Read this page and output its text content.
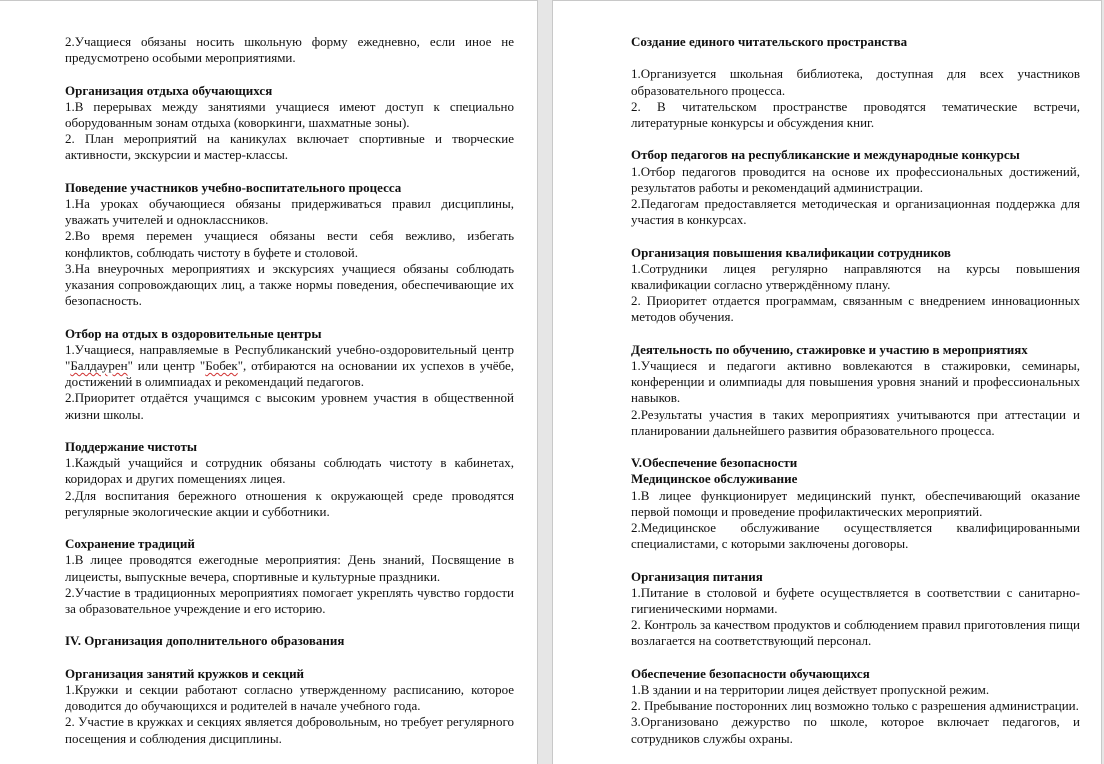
2.Учащиеся обязаны носить школьную форму ежедневно, если иное не предусмотрено особыми мероприятиями.

Организация отдыха обучающихся

1.В перерывах между занятиями учащиеся имеют доступ к специально оборудованным зонам отдыха (коворкинги, шахматные зоны).

2. План мероприятий на каникулах включает спортивные и творческие активности, экскурсии и мастер-классы.

Поведение участников учебно-воспитательного процесса

1.На уроках обучающиеся обязаны придерживаться правил дисциплины, уважать учителей и одноклассников.

2.Во время перемен учащиеся обязаны вести себя вежливо, избегать конфликтов, соблюдать чистоту в буфете и столовой.

3.На внеурочных мероприятиях и экскурсиях учащиеся обязаны соблюдать указания сопровождающих лиц, а также нормы поведения, обеспечивающие их безопасность.

Отбор на отдых в оздоровительные центры

1.Учащиеся, направляемые в Республиканский учебно-оздоровительный центр "Балдаурен" или центр "Бобек", отбираются на основании их успехов в учёбе, достижений в олимпиадах и рекомендаций педагогов.

2.Приоритет отдаётся учащимся с высоким уровнем участия в общественной жизни школы.

Поддержание чистоты

1.Каждый учащийся и сотрудник обязаны соблюдать чистоту в кабинетах, коридорах и других помещениях лицея.

2.Для воспитания бережного отношения к окружающей среде проводятся регулярные экологические акции и субботники.

Сохранение традиций

1.В лицее проводятся ежегодные мероприятия: День знаний, Посвящение в лицеисты, выпускные вечера, спортивные и культурные праздники.

2.Участие в традиционных мероприятиях помогает укреплять чувство гордости за образовательное учреждение и его историю.

IV. Организация дополнительного образования

Организация занятий кружков и секций

1.Кружки и секции работают согласно утвержденному расписанию, которое доводится до обучающихся и родителей в начале учебного года.

2. Участие в кружках и секциях является добровольным, но требует регулярного посещения и соблюдения дисциплины.

Создание единого читательского пространства

1.Организуется школьная библиотека, доступная для всех участников образовательного процесса.

2. В читательском пространстве проводятся тематические встречи, литературные конкурсы и обсуждения книг.

Отбор педагогов на республиканские и международные конкурсы

1.Отбор педагогов проводится на основе их профессиональных достижений, результатов работы и рекомендаций администрации.

2.Педагогам предоставляется методическая и организационная поддержка для участия в конкурсах.

Организация повышения квалификации сотрудников

1.Сотрудники лицея регулярно направляются на курсы повышения квалификации согласно утверждённому плану.

2. Приоритет отдается программам, связанным с внедрением инновационных методов обучения.

Деятельность по обучению, стажировке и участию в мероприятиях

1.Учащиеся и педагоги активно вовлекаются в стажировки, семинары, конференции и олимпиады для повышения уровня знаний и профессиональных навыков.

2.Результаты участия в таких мероприятиях учитываются при аттестации и планировании дальнейшего развития образовательного процесса.

V.Обеспечение безопасности

Медицинское обслуживание

1.В лицее функционирует медицинский пункт, обеспечивающий оказание первой помощи и проведение профилактических мероприятий.

2.Медицинское обслуживание осуществляется квалифицированными специалистами, с которыми заключены договоры.

Организация питания

1.Питание в столовой и буфете осуществляется в соответствии с санитарно-гигиеническими нормами.

2. Контроль за качеством продуктов и соблюдением правил приготовления пищи возлагается на соответствующий персонал.

Обеспечение безопасности обучающихся

1.В здании и на территории лицея действует пропускной режим.

2. Пребывание посторонних лиц возможно только с разрешения администрации.

3.Организовано дежурство по школе, которое включает педагогов, и сотрудников службы охраны.
